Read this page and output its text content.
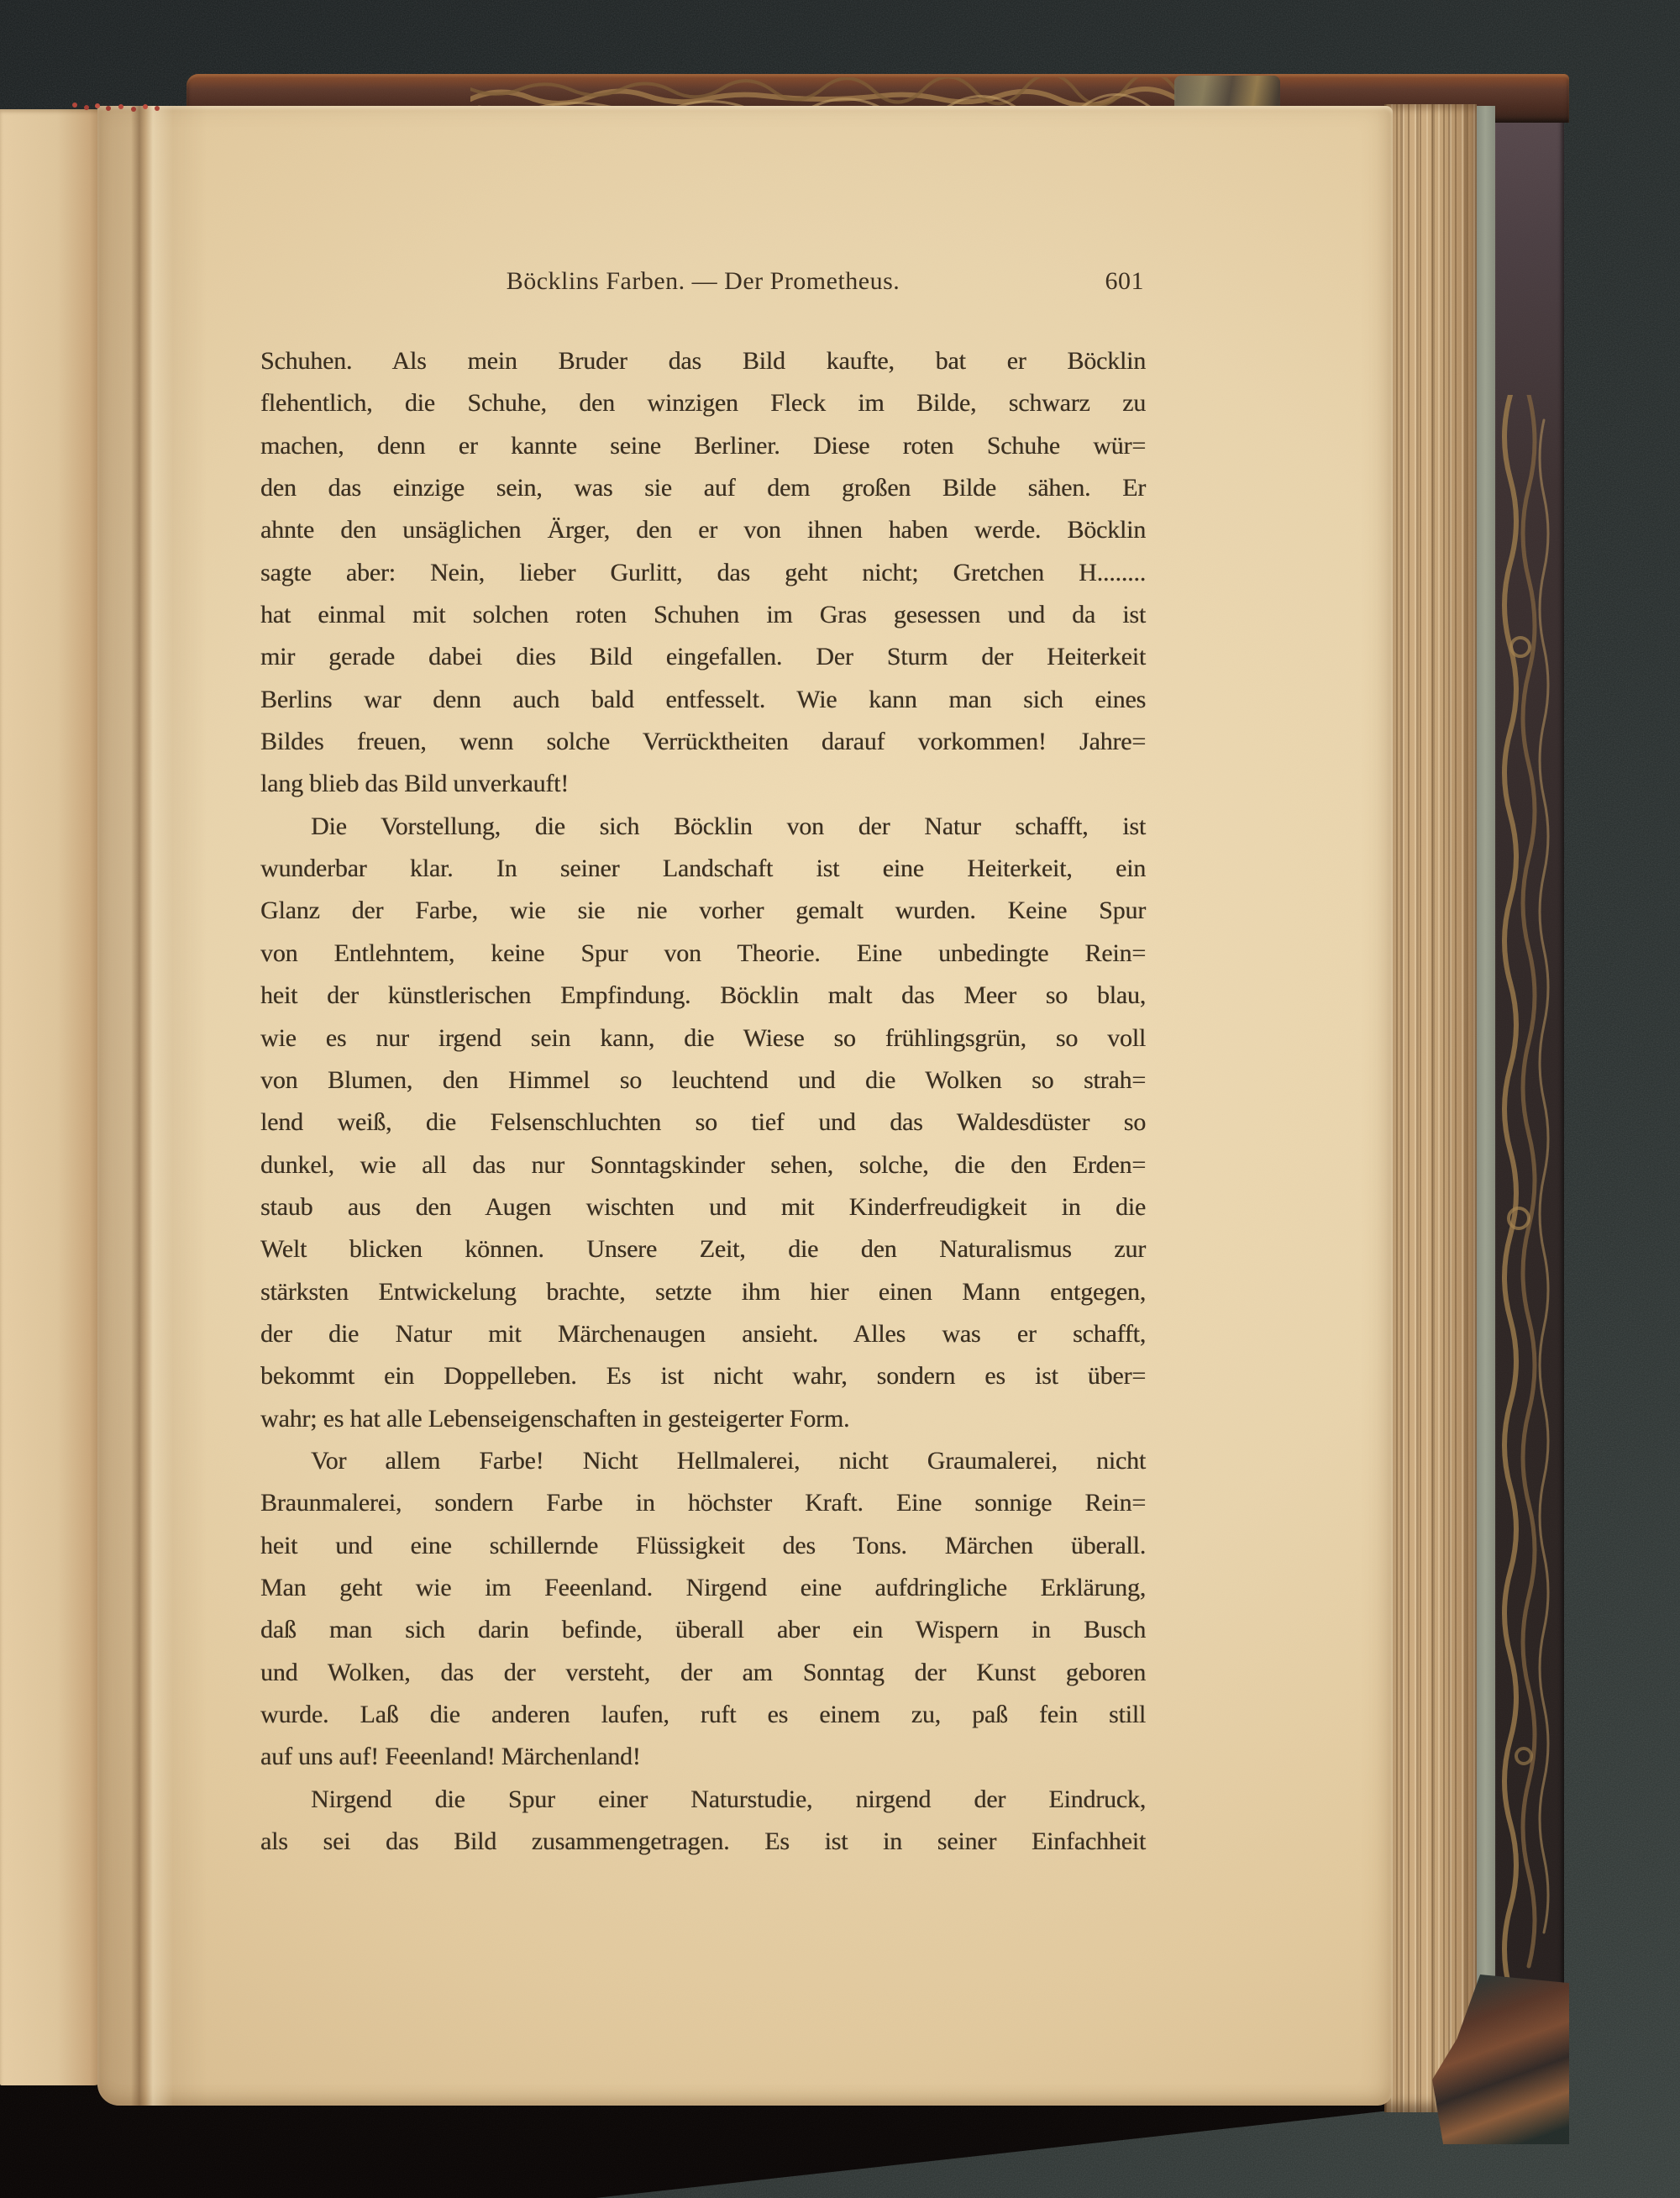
Böcklins Farben. — Der Prometheus.	601
Schuhen. Als mein Bruder das Bild kaufte, bat er Böcklin
flehentlich, die Schuhe, den winzigen Fleck im Bilde, schwarz zu
machen, denn er kannte seine Berliner. Diese roten Schuhe wür=
den das einzige sein, was sie auf dem großen Bilde sähen. Er
ahnte den unsäglichen Ärger, den er von ihnen haben werde. Böcklin
sagte aber: Nein, lieber Gurlitt, das geht nicht; Gretchen H........
hat einmal mit solchen roten Schuhen im Gras gesessen und da ist
mir gerade dabei dies Bild eingefallen. Der Sturm der Heiterkeit
Berlins war denn auch bald entfesselt. Wie kann man sich eines
Bildes freuen, wenn solche Verrücktheiten darauf vorkommen! Jahre=
lang blieb das Bild unverkauft!
Die Vorstellung, die sich Böcklin von der Natur schafft, ist
wunderbar klar. In seiner Landschaft ist eine Heiterkeit, ein
Glanz der Farbe, wie sie nie vorher gemalt wurden. Keine Spur
von Entlehntem, keine Spur von Theorie. Eine unbedingte Rein=
heit der künstlerischen Empfindung. Böcklin malt das Meer so blau,
wie es nur irgend sein kann, die Wiese so frühlingsgrün, so voll
von Blumen, den Himmel so leuchtend und die Wolken so strah=
lend weiß, die Felsenschluchten so tief und das Waldesdüster so
dunkel, wie all das nur Sonntagskinder sehen, solche, die den Erden=
staub aus den Augen wischten und mit Kinderfreudigkeit in die
Welt blicken können. Unsere Zeit, die den Naturalismus zur
stärksten Entwickelung brachte, setzte ihm hier einen Mann entgegen,
der die Natur mit Märchenaugen ansieht. Alles was er schafft,
bekommt ein Doppelleben. Es ist nicht wahr, sondern es ist über=
wahr; es hat alle Lebenseigenschaften in gesteigerter Form.
Vor allem Farbe! Nicht Hellmalerei, nicht Graumalerei, nicht
Braunmalerei, sondern Farbe in höchster Kraft. Eine sonnige Rein=
heit und eine schillernde Flüssigkeit des Tons. Märchen überall.
Man geht wie im Feeenland. Nirgend eine aufdringliche Erklärung,
daß man sich darin befinde, überall aber ein Wispern in Busch
und Wolken, das der versteht, der am Sonntag der Kunst geboren
wurde. Laß die anderen laufen, ruft es einem zu, paß fein still
auf uns auf! Feeenland! Märchenland!
Nirgend die Spur einer Naturstudie, nirgend der Eindruck,
als sei das Bild zusammengetragen. Es ist in seiner Einfachheit
